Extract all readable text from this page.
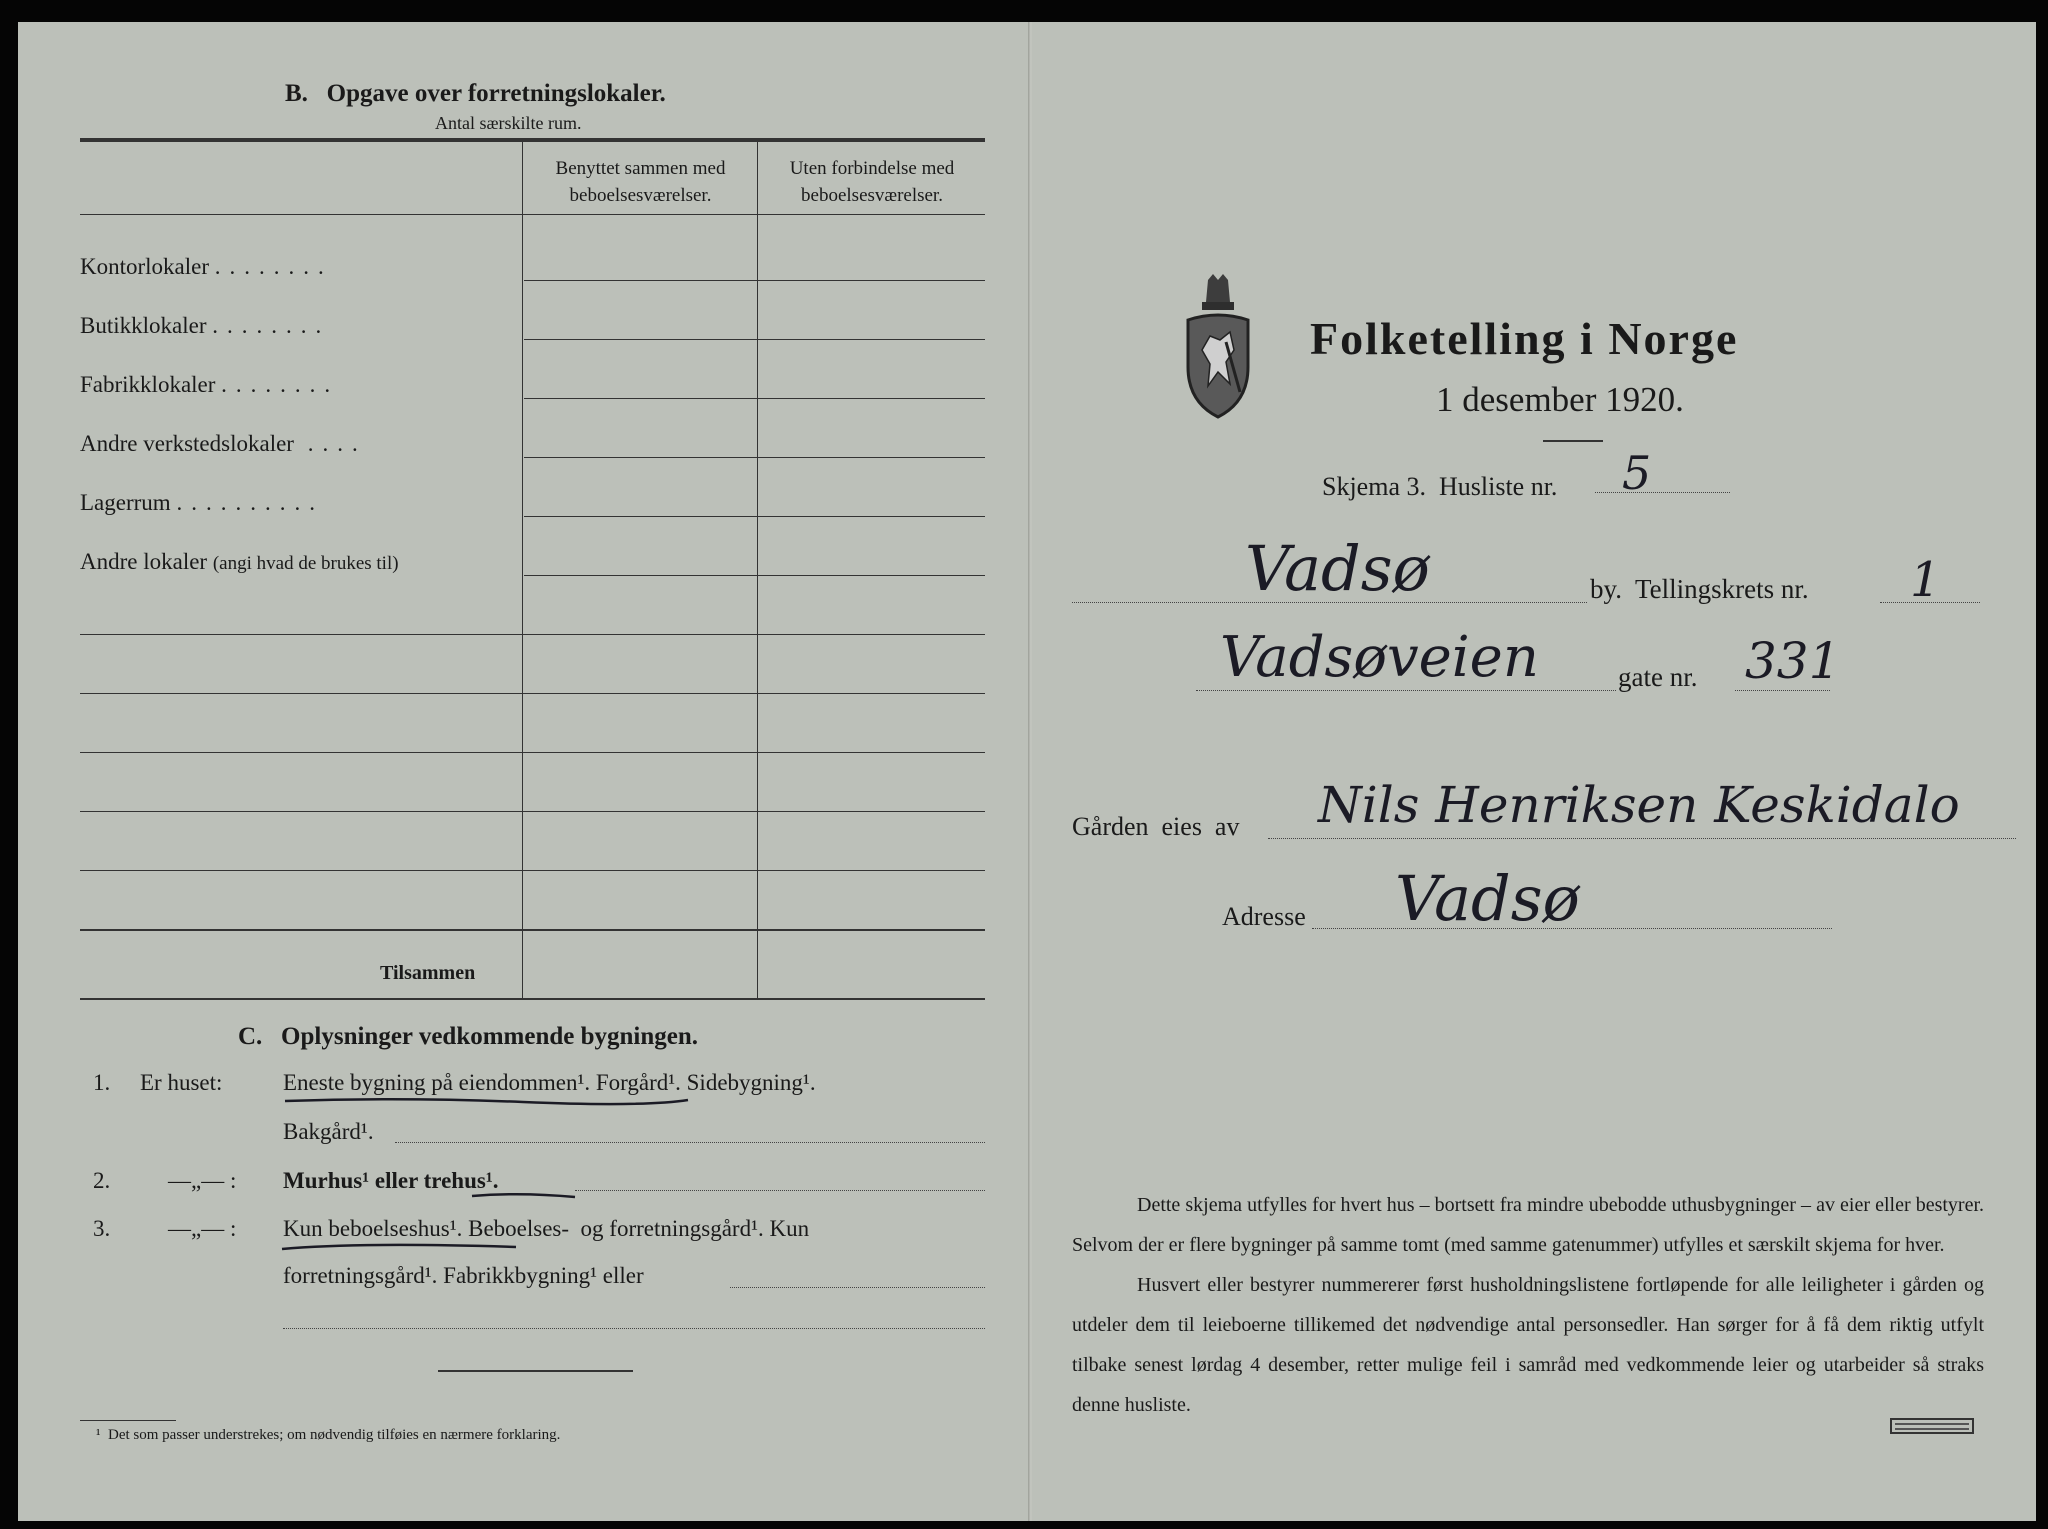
B.   Opgave over forretningslokaler.
Antal særskilte rum.
Benyttet sammen med
beboelsesværelser.
Uten forbindelse med
beboelsesværelser.
Kontorlokaler ........
Butikklokaler ........
Fabrikklokaler ........
Andre verkstedslokaler ....
Lagerrum ..........
Andre lokaler (angi hvad de brukes til)
Tilsammen
C.   Oplysninger vedkommende bygningen.
1. Er huset:	Eneste bygning på eiendommen¹. Forgård¹. Sidebygning¹.
Bakgård¹.
2.	—„— : Murhus¹ eller trehus¹.
3.	—„— : Kun beboelseshus¹. Beboelses-  og forretningsgård¹. Kun
forretningsgård¹. Fabrikkbygning¹ eller
¹  Det som passer understrekes; om nødvendig tilføies en nærmere forklaring.
Folketelling i Norge
1 desember 1920.
Skjema 3.  Husliste nr. 5
Vadsø	by.  Tellingskrets nr. 1
Vadsøveien	gate nr. 331
Gården  eies  av Nils Henriksen Keskidalo
Adresse Vadsø
Dette skjema utfylles for hvert hus – bortsett fra mindre ubebodde uthusbygninger – av eier eller bestyrer. Selvom der er flere bygninger på samme tomt (med samme gatenummer) utfylles et særskilt skjema for hver.
Husvert eller bestyrer nummererer først husholdningslistene fortløpende for alle leiligheter i gården og utdeler dem til leieboerne tillikemed det nødvendige antal personsedler. Han sørger for å få dem riktig utfylt tilbake senest lørdag 4 desember, retter mulige feil i samråd med vedkommende leier og utarbeider så straks denne husliste.
